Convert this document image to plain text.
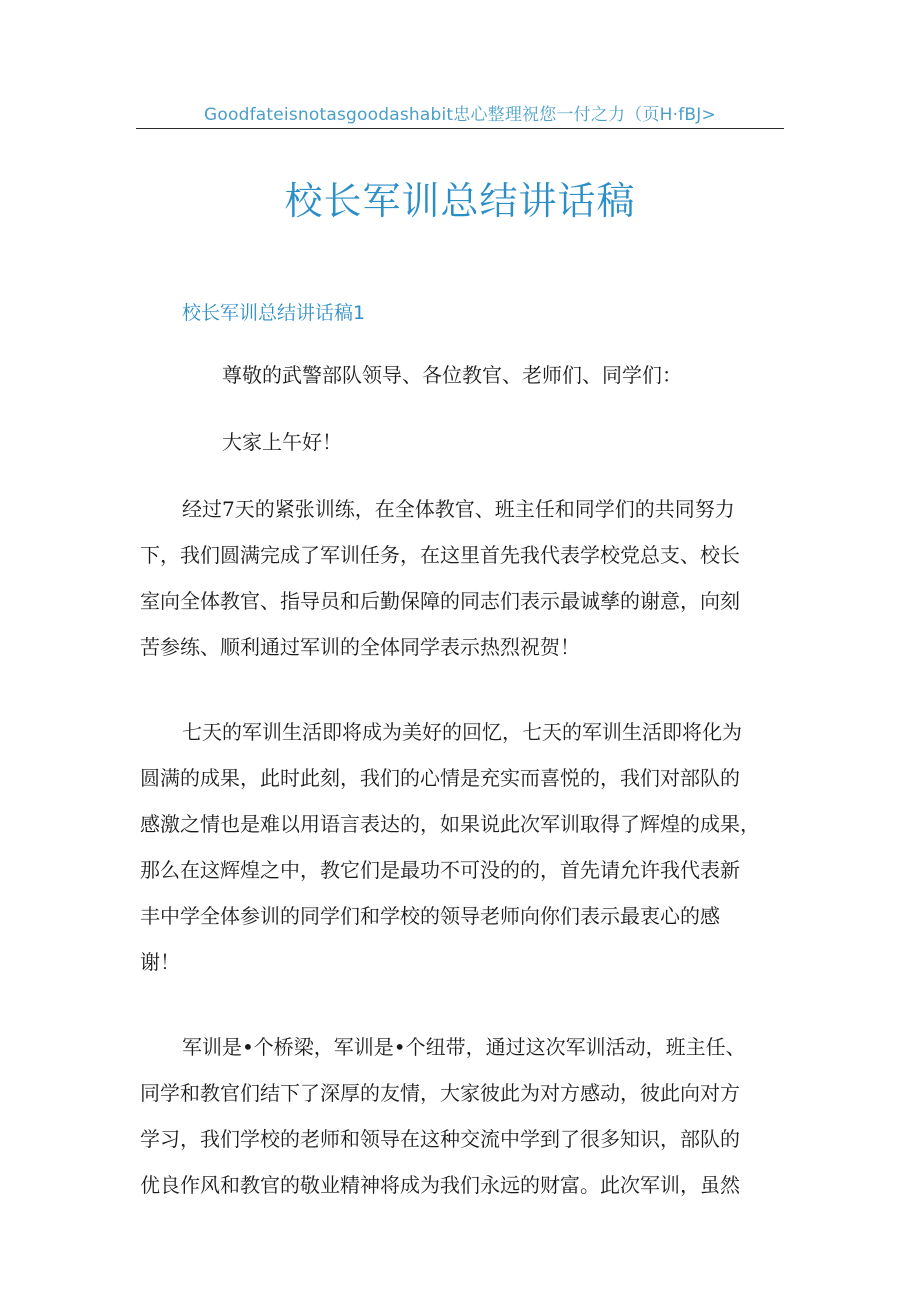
Goodfateisnotasgoodashabit忠心整理祝您一付之力（页H·fBJ>
校长军训总结讲话稿
校长军训总结讲话稿1
尊敬的武警部队领导、各位教官、老师们、同学们：
大家上午好！
经过7天的紧张训练，在全体教官、班主任和同学们的共同努力
下，我们圆满完成了军训任务，在这里首先我代表学校党总支、校长
室向全体教官、指导员和后勤保障的同志们表示最诚孳的谢意，向刻
苦参练、顺利通过军训的全体同学表示热烈祝贺！
七天的军训生活即将成为美好的回忆，七天的军训生活即将化为
圆满的成果，此时此刻，我们的心情是充实而喜悦的，我们对部队的
感激之情也是难以用语言表达的，如果说此次军训取得了辉煌的成果，
那么在这辉煌之中，教它们是最功不可没的的，首先请允许我代表新
丰中学全体参训的同学们和学校的领导老师向你们表示最衷心的感
谢！
军训是•个桥梁，军训是•个纽带，通过这次军训活动，班主任、
同学和教官们结下了深厚的友情，大家彼此为对方感动，彼此向对方
学习，我们学校的老师和领导在这种交流中学到了很多知识，部队的
优良作风和教官的敬业精神将成为我们永远的财富。此次军训，虽然
